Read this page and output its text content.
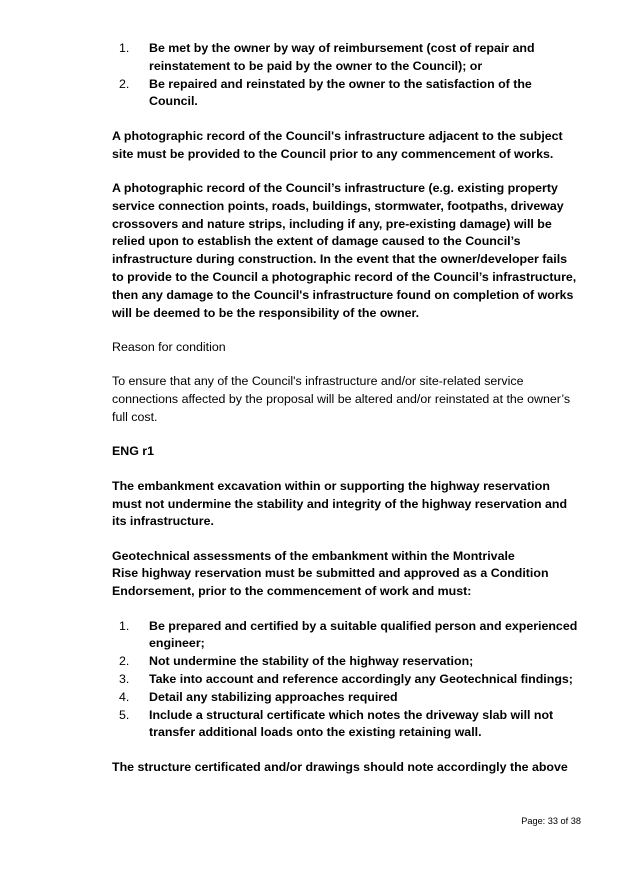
1. Be met by the owner by way of reimbursement (cost of repair and reinstatement to be paid by the owner to the Council); or
2. Be repaired and reinstated by the owner to the satisfaction of the Council.

A photographic record of the Council's infrastructure adjacent to the subject site must be provided to the Council prior to any commencement of works.

A photographic record of the Council’s infrastructure (e.g. existing property service connection points, roads, buildings, stormwater, footpaths, driveway crossovers and nature strips, including if any, pre-existing damage) will be relied upon to establish the extent of damage caused to the Council’s infrastructure during construction. In the event that the owner/developer fails to provide to the Council a photographic record of the Council’s infrastructure, then any damage to the Council's infrastructure found on completion of works will be deemed to be the responsibility of the owner.

Reason for condition

To ensure that any of the Council's infrastructure and/or site-related service connections affected by the proposal will be altered and/or reinstated at the owner’s full cost.

ENG r1

The embankment excavation within or supporting the highway reservation must not undermine the stability and integrity of the highway reservation and its infrastructure.

Geotechnical assessments of the embankment within the Montrivale
Rise highway reservation must be submitted and approved as a Condition Endorsement, prior to the commencement of work and must:

1. Be prepared and certified by a suitable qualified person and experienced engineer;
2. Not undermine the stability of the highway reservation;
3. Take into account and reference accordingly any Geotechnical findings;
4. Detail any stabilizing approaches required
5. Include a structural certificate which notes the driveway slab will not transfer additional loads onto the existing retaining wall.

The structure certificated and/or drawings should note accordingly the above

Page: 33 of 38
